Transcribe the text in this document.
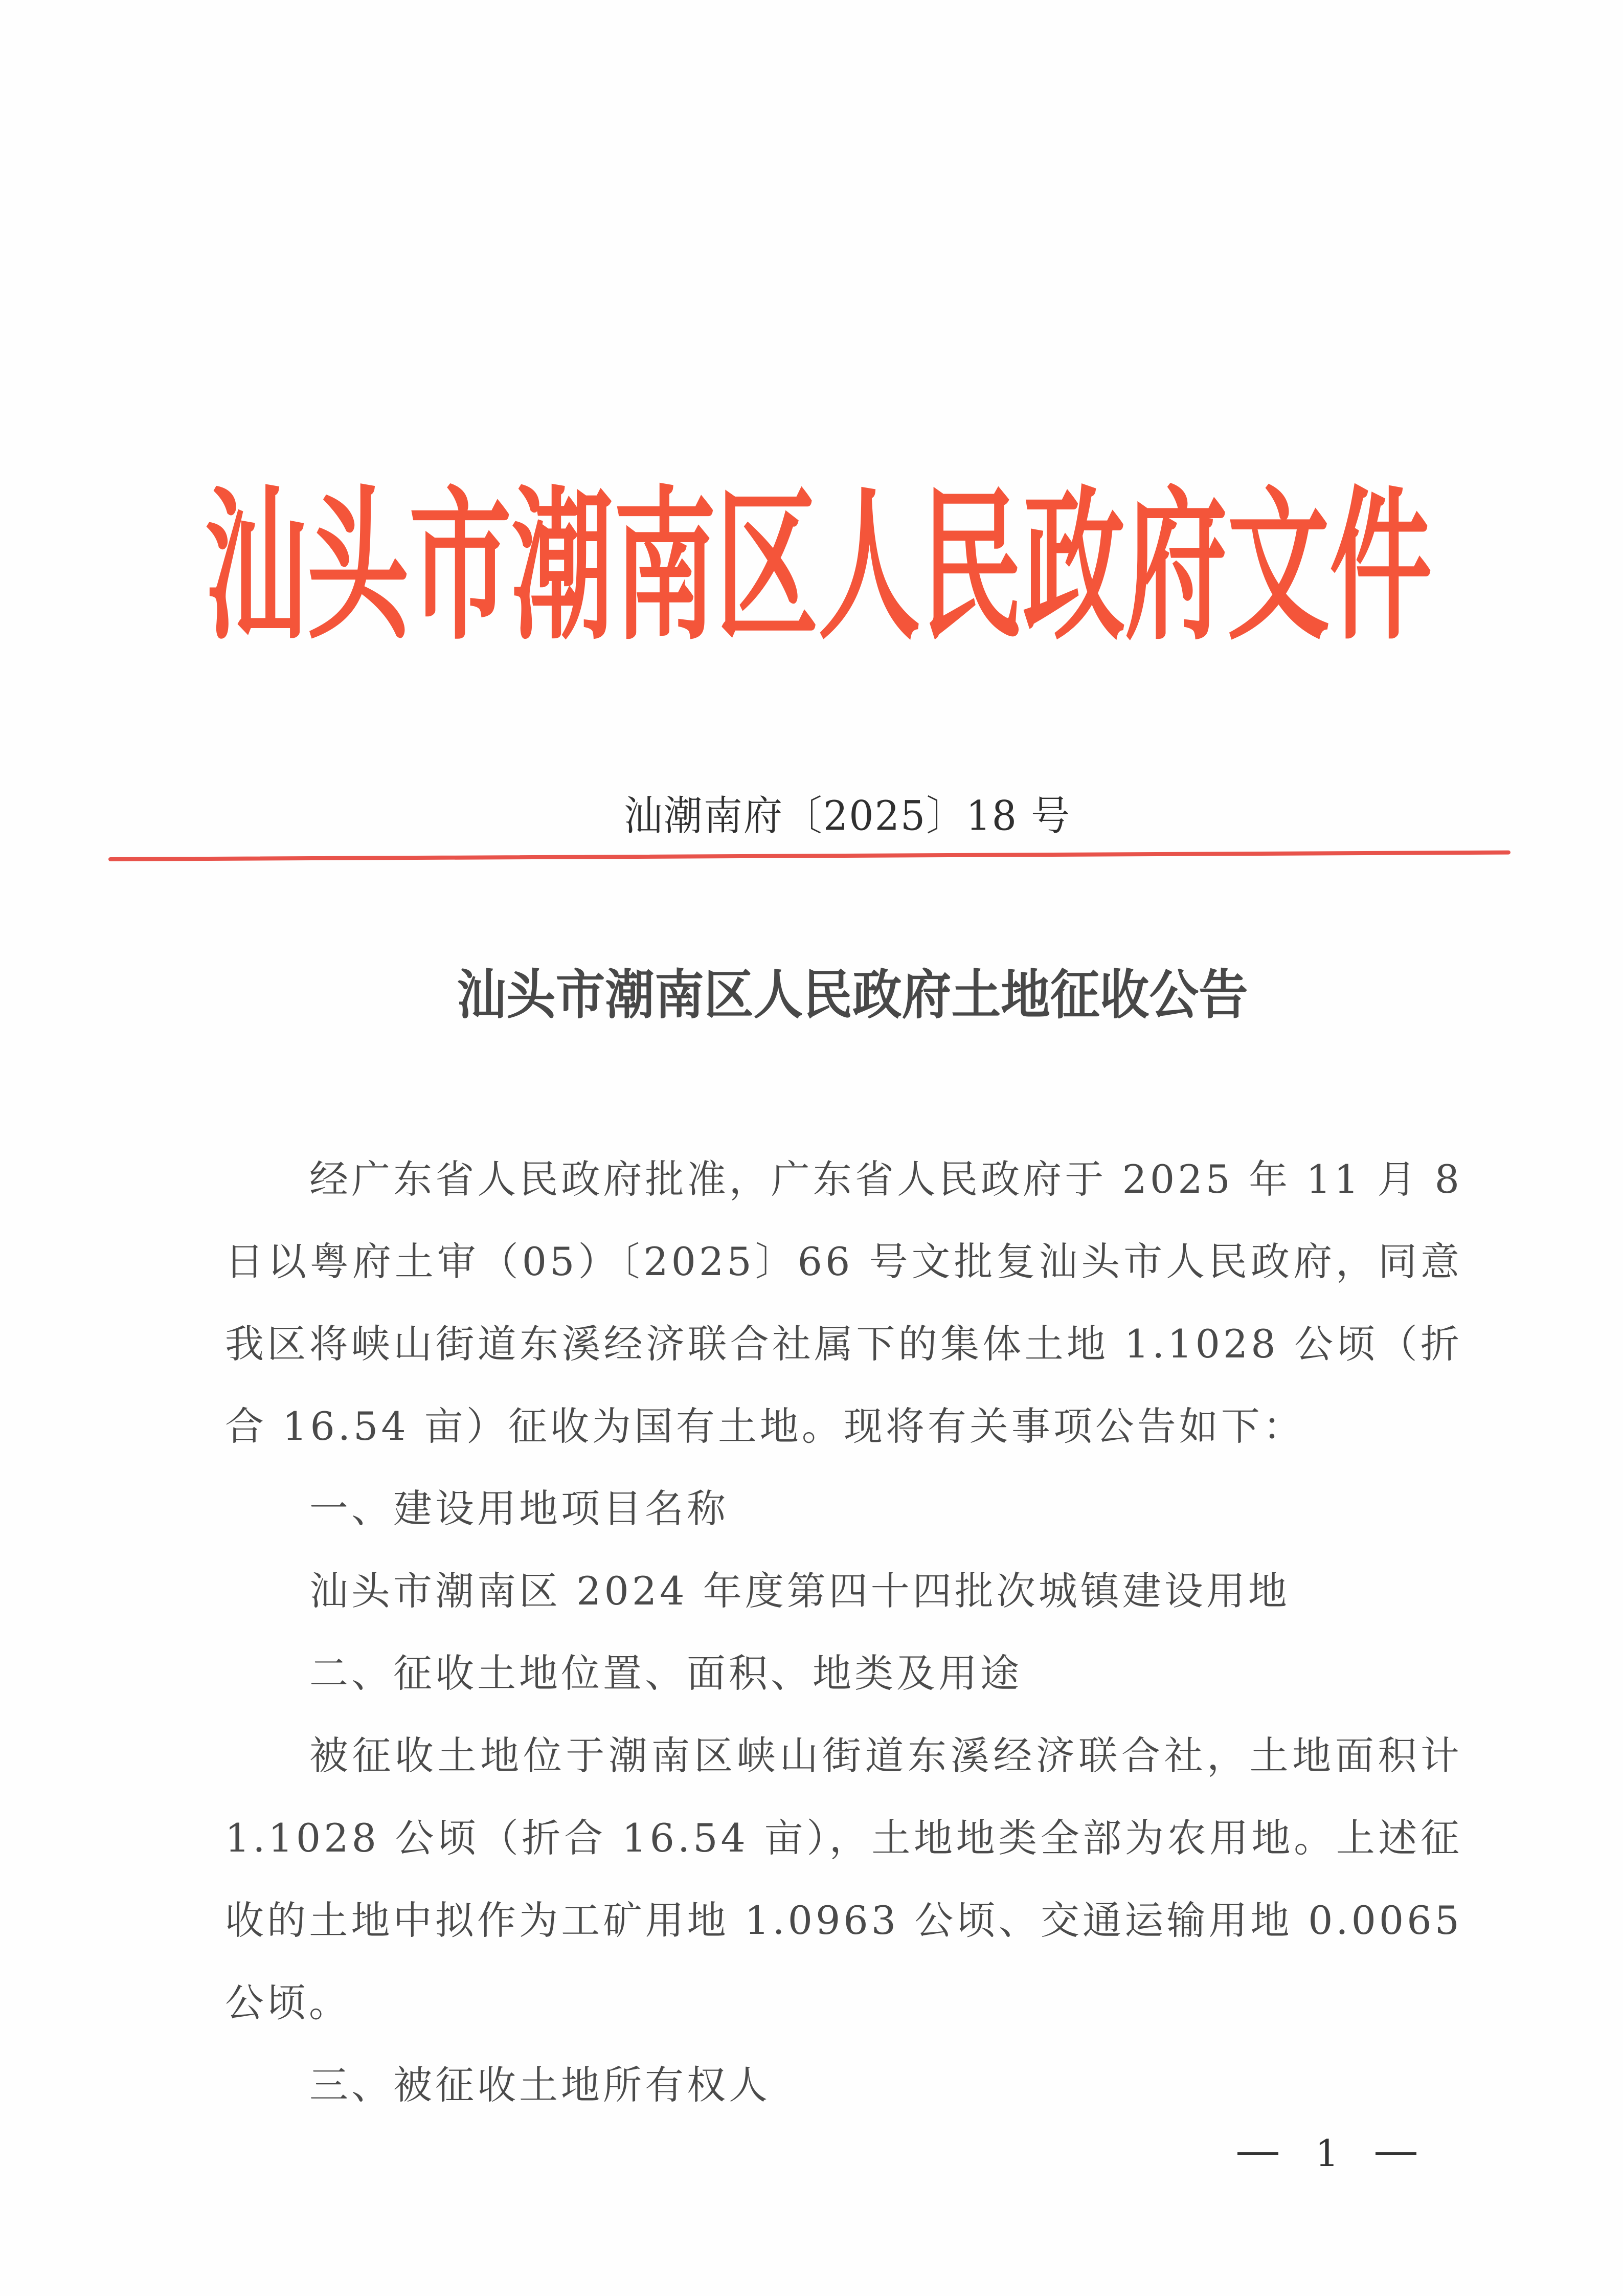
汕 头 市 潮 南 区 人 民 政 府 文 件
汕潮南府〔2025〕18 号
汕头市潮南区人民政府土地征收公告

经广东省人民政府批准，广东省人民政府于 2025 年 11 月 8 日以粤府土审（05）〔2025〕66 号文批复汕头市人民政府，同意我区将峡山街道东溪经济联合社属下的集体土地 1.1028 公顷（折合 16.54 亩）征收为国有土地。现将有关事项公告如下：

一、建设用地项目名称

汕头市潮南区 2024 年度第四十四批次城镇建设用地

二、征收土地位置、面积、地类及用途

被征收土地位于潮南区峡山街道东溪经济联合社，土地面积计 1.1028 公顷（折合 16.54 亩），土地地类全部为农用地。上述征收的土地中拟作为工矿用地 1.0963 公顷、交通运输用地 0.0065 公顷。

三、被征收土地所有权人

1
